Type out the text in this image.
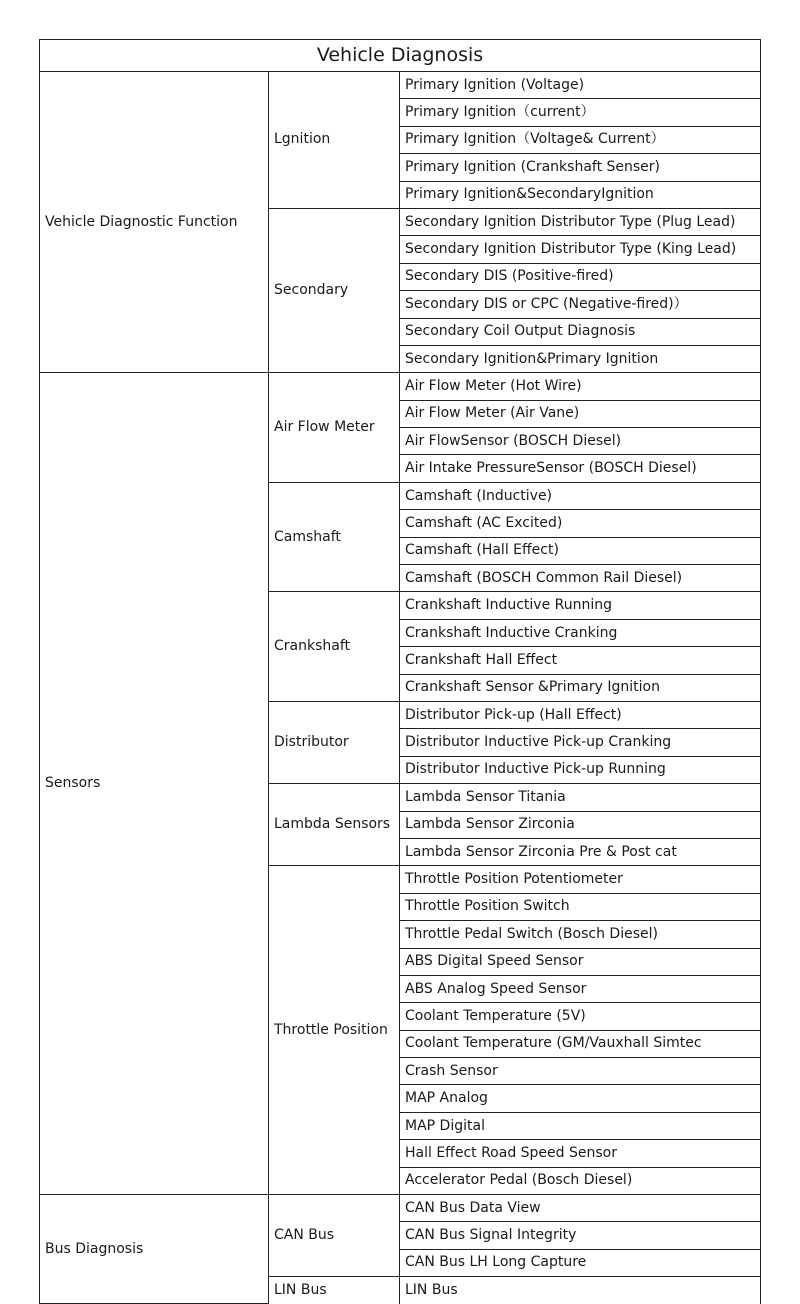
Vehicle Diagnosis		
Vehicle Diagnostic Function	Lgnition	Primary Ignition (Voltage)
		Primary Ignition（current）
		Primary Ignition（Voltage& Current）
		Primary Ignition (Crankshaft Senser)
		Primary Ignition&SecondaryIgnition
	Secondary	Secondary Ignition Distributor Type (Plug Lead)
		Secondary Ignition Distributor Type (King Lead)
		Secondary DIS (Positive-fired)
		Secondary DIS or CPC (Negative-fired)）
		Secondary Coil Output Diagnosis
		Secondary Ignition&Primary Ignition
Sensors	Air Flow Meter	Air Flow Meter (Hot Wire)
		Air Flow Meter (Air Vane)
		Air FlowSensor (BOSCH Diesel)
		Air Intake PressureSensor (BOSCH Diesel)
	Camshaft	Camshaft (Inductive)
		Camshaft (AC Excited)
		Camshaft (Hall Effect)
		Camshaft (BOSCH Common Rail Diesel)
	Crankshaft	Crankshaft Inductive Running
		Crankshaft Inductive Cranking
		Crankshaft Hall Effect
		Crankshaft Sensor &Primary Ignition
	Distributor	Distributor Pick-up (Hall Effect)
		Distributor Inductive Pick-up Cranking
		Distributor Inductive Pick-up Running
	Lambda Sensors	Lambda Sensor Titania
		Lambda Sensor Zirconia
		Lambda Sensor Zirconia Pre & Post cat
	Throttle Position	Throttle Position Potentiometer
		Throttle Position Switch
		Throttle Pedal Switch (Bosch Diesel)
		ABS Digital Speed Sensor
		ABS Analog Speed Sensor
		Coolant Temperature (5V)
		Coolant Temperature (GM/Vauxhall Simtec
		Crash Sensor
		MAP Analog
		MAP Digital
		Hall Effect Road Speed Sensor
		Accelerator Pedal (Bosch Diesel)
Bus Diagnosis	CAN Bus	CAN Bus Data View
		CAN Bus Signal Integrity
		CAN Bus LH Long Capture
	LIN Bus	LIN Bus
